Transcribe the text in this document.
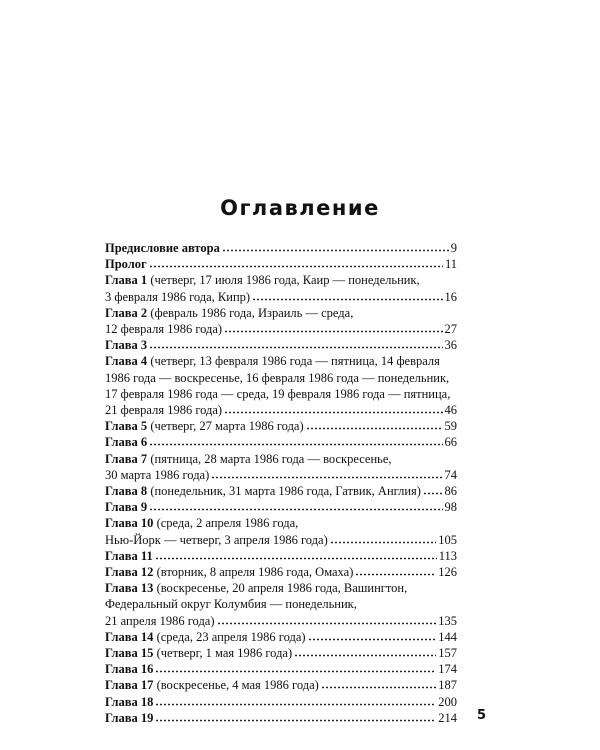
Оглавление
Предисловие автора	9
Пролог	11
Глава 1 (четверг, 17 июля 1986 года, Каир — понедельник,
3 февраля 1986 года, Кипр)	16
Глава 2 (февраль 1986 года, Израиль — среда,
12 февраля 1986 года)	27
Глава 3	36
Глава 4 (четверг, 13 февраля 1986 года — пятница, 14 февраля
1986 года — воскресенье, 16 февраля 1986 года — понедельник,
17 февраля 1986 года — среда, 19 февраля 1986 года — пятница,
21 февраля 1986 года)	46
Глава 5 (четверг, 27 марта 1986 года)	59
Глава 6	66
Глава 7 (пятница, 28 марта 1986 года — воскресенье,
30 марта 1986 года)	74
Глава 8 (понедельник, 31 марта 1986 года, Гатвик, Англия) 86
Глава 9	98
Глава 10 (среда, 2 апреля 1986 года,
Нью-Йорк — четверг, 3 апреля 1986 года)	105
Глава 11	113
Глава 12 (вторник, 8 апреля 1986 года, Омаха)	126
Глава 13 (воскресенье, 20 апреля 1986 года, Вашингтон,
Федеральный округ Колумбия — понедельник,
21 апреля 1986 года)	135
Глава 14 (среда, 23 апреля 1986 года)	144
Глава 15 (четверг, 1 мая 1986 года)	157
Глава 16	174
Глава 17 (воскресенье, 4 мая 1986 года)	187
Глава 18	200
Глава 19	214 5
